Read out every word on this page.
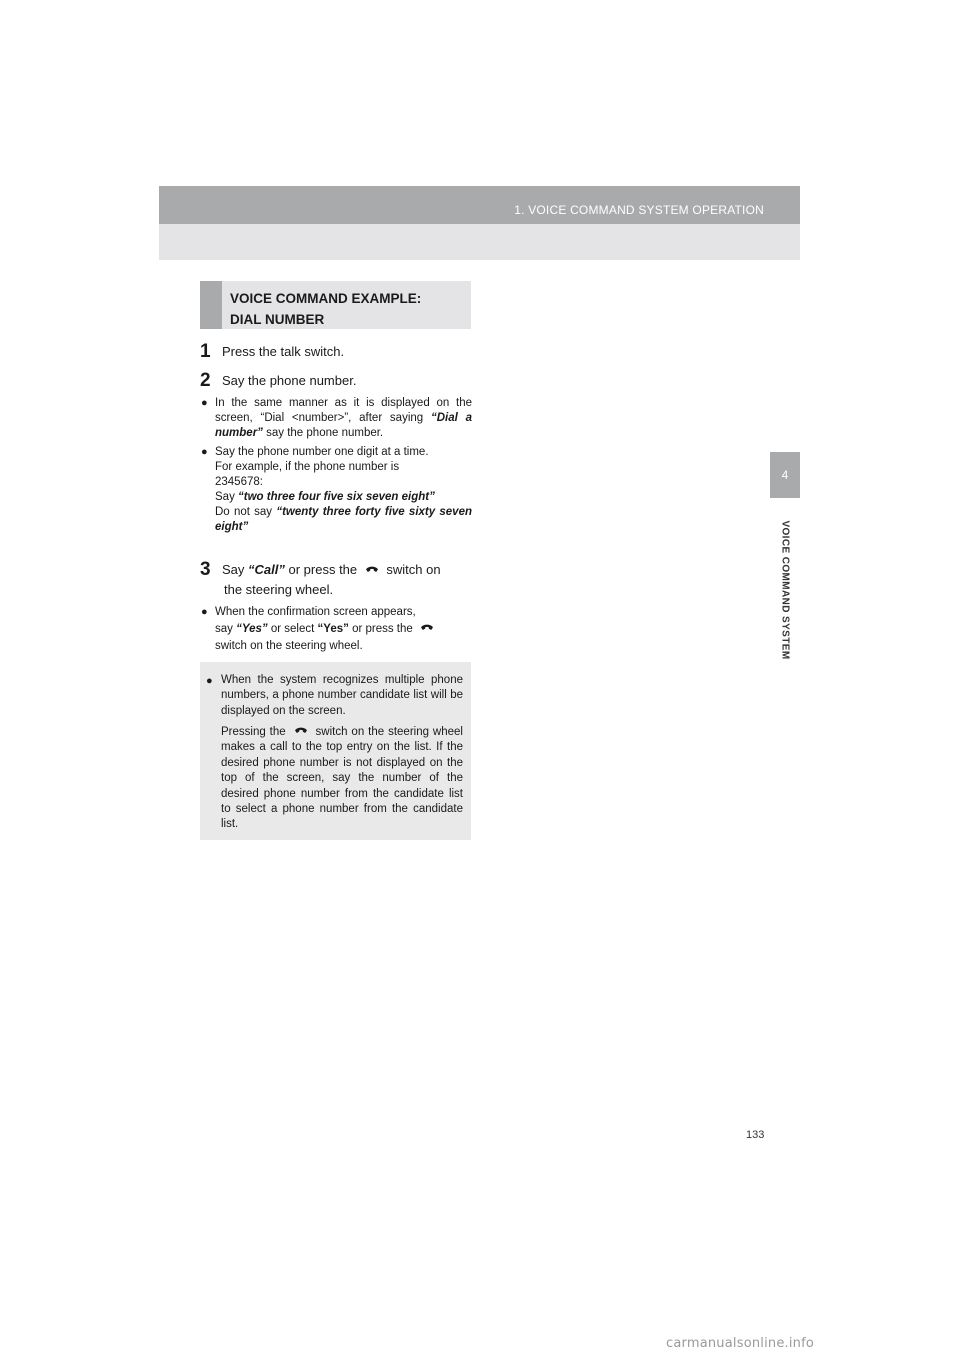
1. VOICE COMMAND SYSTEM OPERATION
4
VOICE COMMAND SYSTEM
VOICE COMMAND EXAMPLE:
DIAL NUMBER
1 Press the talk switch.
2 Say the phone number.
● In the same manner as it is displayed on the screen, “Dial <number>”, after saying “Dial a number” say the phone number.
● Say the phone number one digit at a time.
For example, if the phone number is
2345678:
Say “two three four five six seven eight”
Do not say “twenty three forty five sixty seven eight”
3 Say “Call” or press the switch on
the steering wheel.
● When the confirmation screen appears,
say “Yes” or select “Yes” or press the
switch on the steering wheel.
● When the system recognizes multiple phone numbers, a phone number candidate list will be displayed on the screen.

Pressing the	switch on the steering wheel makes a call to the top entry on the list. If the desired phone number is not displayed on the top of the screen, say the number of the desired phone number from the candidate list to select a phone number from the candidate list.

133
carmanualsonline.info
